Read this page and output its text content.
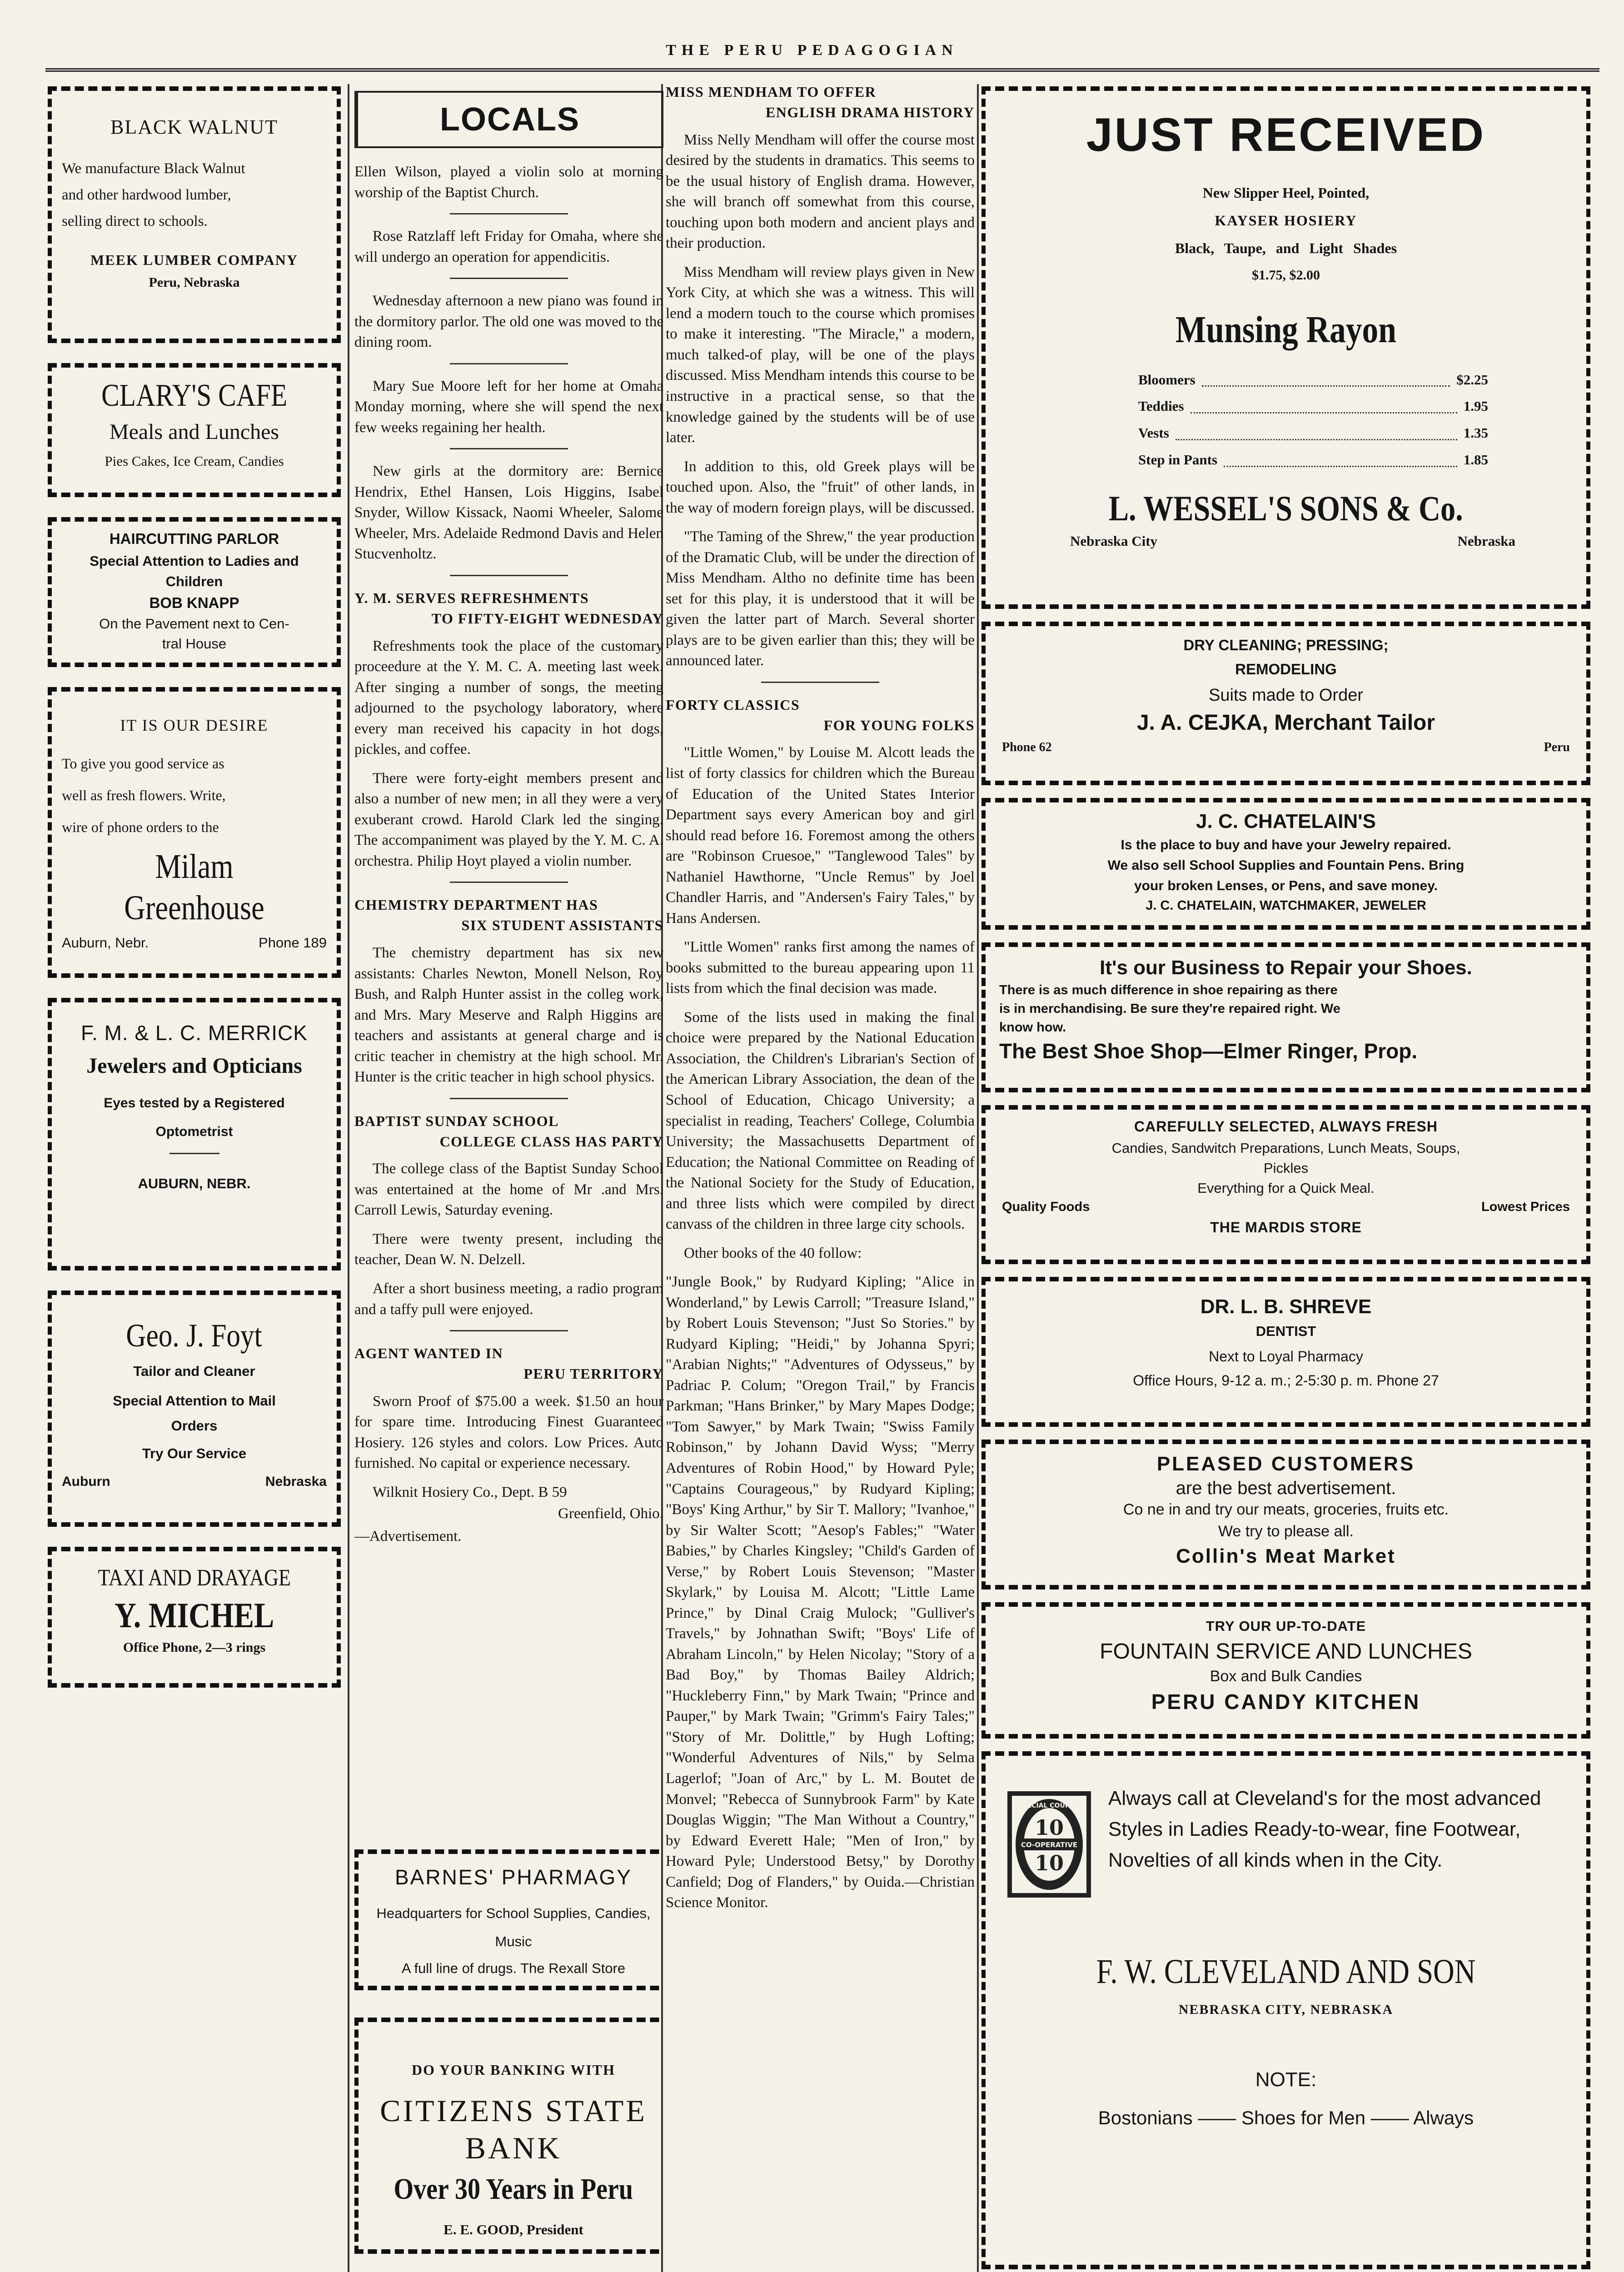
THE PERU PEDAGOGIAN
BLACK WALNUT
We manufacture Black Walnut
and other hardwood lumber,
selling direct to schools.
MEEK LUMBER COMPANY
Peru, Nebraska
CLARY'S CAFE
Meals and Lunches
Pies Cakes, Ice Cream, Candies
HAIRCUTTING PARLOR
Special Attention to Ladies and
Children
BOB KNAPP
On the Pavement next to Cen-
tral House
IT IS OUR DESIRE
To give you good service as
well as fresh flowers. Write,
wire of phone orders to the
Milam Greenhouse
Auburn, Nebr.	Phone 189
F. M. & L. C. MERRICK
Jewelers and Opticians
Eyes tested by a Registered
Optometrist
AUBURN, NEBR.
Geo. J. Foyt
Tailor and Cleaner
Special Attention to Mail
Orders
Try Our Service
Auburn	Nebraska
TAXI AND DRAYAGE
Y. MICHEL
Office Phone, 2—3 rings
LOCALS

Ellen Wilson, played a violin solo at morning worship of the Baptist Church.

Rose Ratzlaff left Friday for Omaha, where she will undergo an operation for appendicitis.

Wednesday afternoon a new piano was found in the dormitory parlor. The old one was moved to the dining room.

Mary Sue Moore left for her home at Omaha Monday morning, where she will spend the next few weeks regaining her health.

New girls at the dormitory are: Bernice Hendrix, Ethel Hansen, Lois Higgins, Isabel Snyder, Willow Kissack, Naomi Wheeler, Salome Wheeler, Mrs. Adelaide Redmond Davis and Helen Stucvenholtz.

Y. M. SERVES REFRESHMENTS
TO FIFTY-EIGHT WEDNESDAY

Refreshments took the place of the customary proceedure at the Y. M. C. A. meeting last week. After singing a number of songs, the meeting adjourned to the psychology laboratory, where every man received his capacity in hot dogs, pickles, and coffee.

There were forty-eight members present and also a number of new men; in all they were a very exuberant crowd. Harold Clark led the singing. The accompaniment was played by the Y. M. C. A. orchestra. Philip Hoyt played a violin number.

CHEMISTRY DEPARTMENT HAS
SIX STUDENT ASSISTANTS

The chemistry department has six new assistants: Charles Newton, Monell Nelson, Roy Bush, and Ralph Hunter assist in the colleg work, and Mrs. Mary Meserve and Ralph Higgins are teachers and assistants at general charge and is critic teacher in chemistry at the high school. Mr. Hunter is the critic teacher in high school physics.

BAPTIST SUNDAY SCHOOL
COLLEGE CLASS HAS PARTY

The college class of the Baptist Sunday School was entertained at the home of Mr .and Mrs. Carroll Lewis, Saturday evening.

There were twenty present, including the teacher, Dean W. N. Delzell.

After a short business meeting, a radio program and a taffy pull were enjoyed.

AGENT WANTED IN
PERU TERRITORY

Sworn Proof of $75.00 a week. $1.50 an hour for spare time. Introducing Finest Guaranteed Hosiery. 126 styles and colors. Low Prices. Auto furnished. No capital or experience necessary.

Wilknit Hosiery Co., Dept. B 59

Greenfield, Ohio.

—Advertisement.

BARNES' PHARMAGY
Headquarters for School Supplies, Candies, Music
A full line of drugs. The Rexall Store
DO YOUR BANKING WITH
CITIZENS STATE BANK
Over 30 Years in Peru
E. E. GOOD, President
MISS MENDHAM TO OFFER
ENGLISH DRAMA HISTORY

Miss Nelly Mendham will offer the course most desired by the students in dramatics. This seems to be the usual history of English drama. However, she will branch off somewhat from this course, touching upon both modern and ancient plays and their production.

Miss Mendham will review plays given in New York City, at which she was a witness. This will lend a modern touch to the course which promises to make it interesting. "The Miracle," a modern, much talked-of play, will be one of the plays discussed. Miss Mendham intends this course to be instructive in a practical sense, so that the knowledge gained by the students will be of use later.

In addition to this, old Greek plays will be touched upon. Also, the "fruit" of other lands, in the way of modern foreign plays, will be discussed.

"The Taming of the Shrew," the year production of the Dramatic Club, will be under the direction of Miss Mendham. Altho no definite time has been set for this play, it is understood that it will be given the latter part of March. Several shorter plays are to be given earlier than this; they will be announced later.

FORTY CLASSICS
FOR YOUNG FOLKS

"Little Women," by Louise M. Alcott leads the list of forty classics for children which the Bureau of Education of the United States Interior Department says every American boy and girl should read before 16. Foremost among the others are "Robinson Cruesoe," "Tanglewood Tales" by Nathaniel Hawthorne, "Uncle Remus" by Joel Chandler Harris, and "Andersen's Fairy Tales," by Hans Andersen.

"Little Women" ranks first among the names of books submitted to the bureau appearing upon 11 lists from which the final decision was made.

Some of the lists used in making the final choice were prepared by the National Education Association, the Children's Librarian's Section of the American Library Association, the dean of the School of Education, Chicago University; a specialist in reading, Teachers' College, Columbia University; the Massachusetts Department of Education; the National Committee on Reading of the National Society for the Study of Education, and three lists which were compiled by direct canvass of the children in three large city schools.

Other books of the 40 follow:

"Jungle Book," by Rudyard Kipling; "Alice in Wonderland," by Lewis Carroll; "Treasure Island," by Robert Louis Stevenson; "Just So Stories." by Rudyard Kipling; "Heidi," by Johanna Spyri; "Arabian Nights;" "Adventures of Odysseus," by Padriac P. Colum; "Oregon Trail," by Francis Parkman; "Hans Brinker," by Mary Mapes Dodge; "Tom Sawyer," by Mark Twain; "Swiss Family Robinson," by Johann David Wyss; "Merry Adventures of Robin Hood," by Howard Pyle; "Captains Courageous," by Rudyard Kipling; "Boys' King Arthur," by Sir T. Mallory; "Ivanhoe," by Sir Walter Scott; "Aesop's Fables;" "Water Babies," by Charles Kingsley; "Child's Garden of Verse," by Robert Louis Stevenson; "Master Skylark," by Louisa M. Alcott; "Little Lame Prince," by Dinal Craig Mulock; "Gulliver's Travels," by Johnathan Swift; "Boys' Life of Abraham Lincoln," by Helen Nicolay; "Story of a Bad Boy," by Thomas Bailey Aldrich; "Huckleberry Finn," by Mark Twain; "Prince and Pauper," by Mark Twain; "Grimm's Fairy Tales;" "Story of Mr. Dolittle," by Hugh Lofting; "Wonderful Adventures of Nils," by Selma Lagerlof; "Joan of Arc," by L. M. Boutet de Monvel; "Rebecca of Sunnybrook Farm" by Kate Douglas Wiggin; "The Man Without a Country," by Edward Everett Hale; "Men of Iron," by Howard Pyle; Understood Betsy," by Dorothy Canfield; Dog of Flanders," by Ouida.—Christian Science Monitor.

JUST RECEIVED
New Slipper Heel, Pointed,
KAYSER HOSIERY
Black, Taupe, and Light Shades
$1.75, $2.00
Munsing Rayon
Bloomers	$2.25
Teddies	1.95
Vests	1.35
Step in Pants	1.85
L. WESSEL'S SONS & Co.
Nebraska City	Nebraska
DRY CLEANING; PRESSING;
REMODELING
Suits made to Order
J. A. CEJKA, Merchant Tailor
Phone 62	Peru
J. C. CHATELAIN'S
Is the place to buy and have your Jewelry repaired.
We also sell School Supplies and Fountain Pens. Bring
your broken Lenses, or Pens, and save money.
J. C. CHATELAIN, WATCHMAKER, JEWELER
It's our Business to Repair your Shoes.
There is as much difference in shoe repairing as there
is in merchandising. Be sure they're repaired right. We
know how.
The Best Shoe Shop—Elmer Ringer, Prop.
CAREFULLY SELECTED, ALWAYS FRESH
Candies, Sandwitch Preparations, Lunch Meats, Soups,
Pickles
Everything for a Quick Meal.
Quality Foods	Lowest Prices
THE MARDIS STORE
DR. L. B. SHREVE
DENTIST
Next to Loyal Pharmacy
Office Hours, 9-12 a. m.; 2-5:30 p. m. Phone 27
PLEASED CUSTOMERS
are the best advertisement.
Co ne in and try our meats, groceries, fruits etc.
We try to please all.
Collin's Meat Market
TRY OUR UP-TO-DATE
FOUNTAIN SERVICE AND LUNCHES
Box and Bulk Candies
PERU CANDY KITCHEN
SPECIAL COUPON
CO-OPERATIVE
10
10
Always call at Cleveland's for the most advanced Styles in Ladies Ready-to-wear, fine Footwear, Novelties of all kinds when in the City.
F. W. CLEVELAND AND SON
NEBRASKA CITY, NEBRASKA
NOTE:
Bostonians —— Shoes for Men —— Always
